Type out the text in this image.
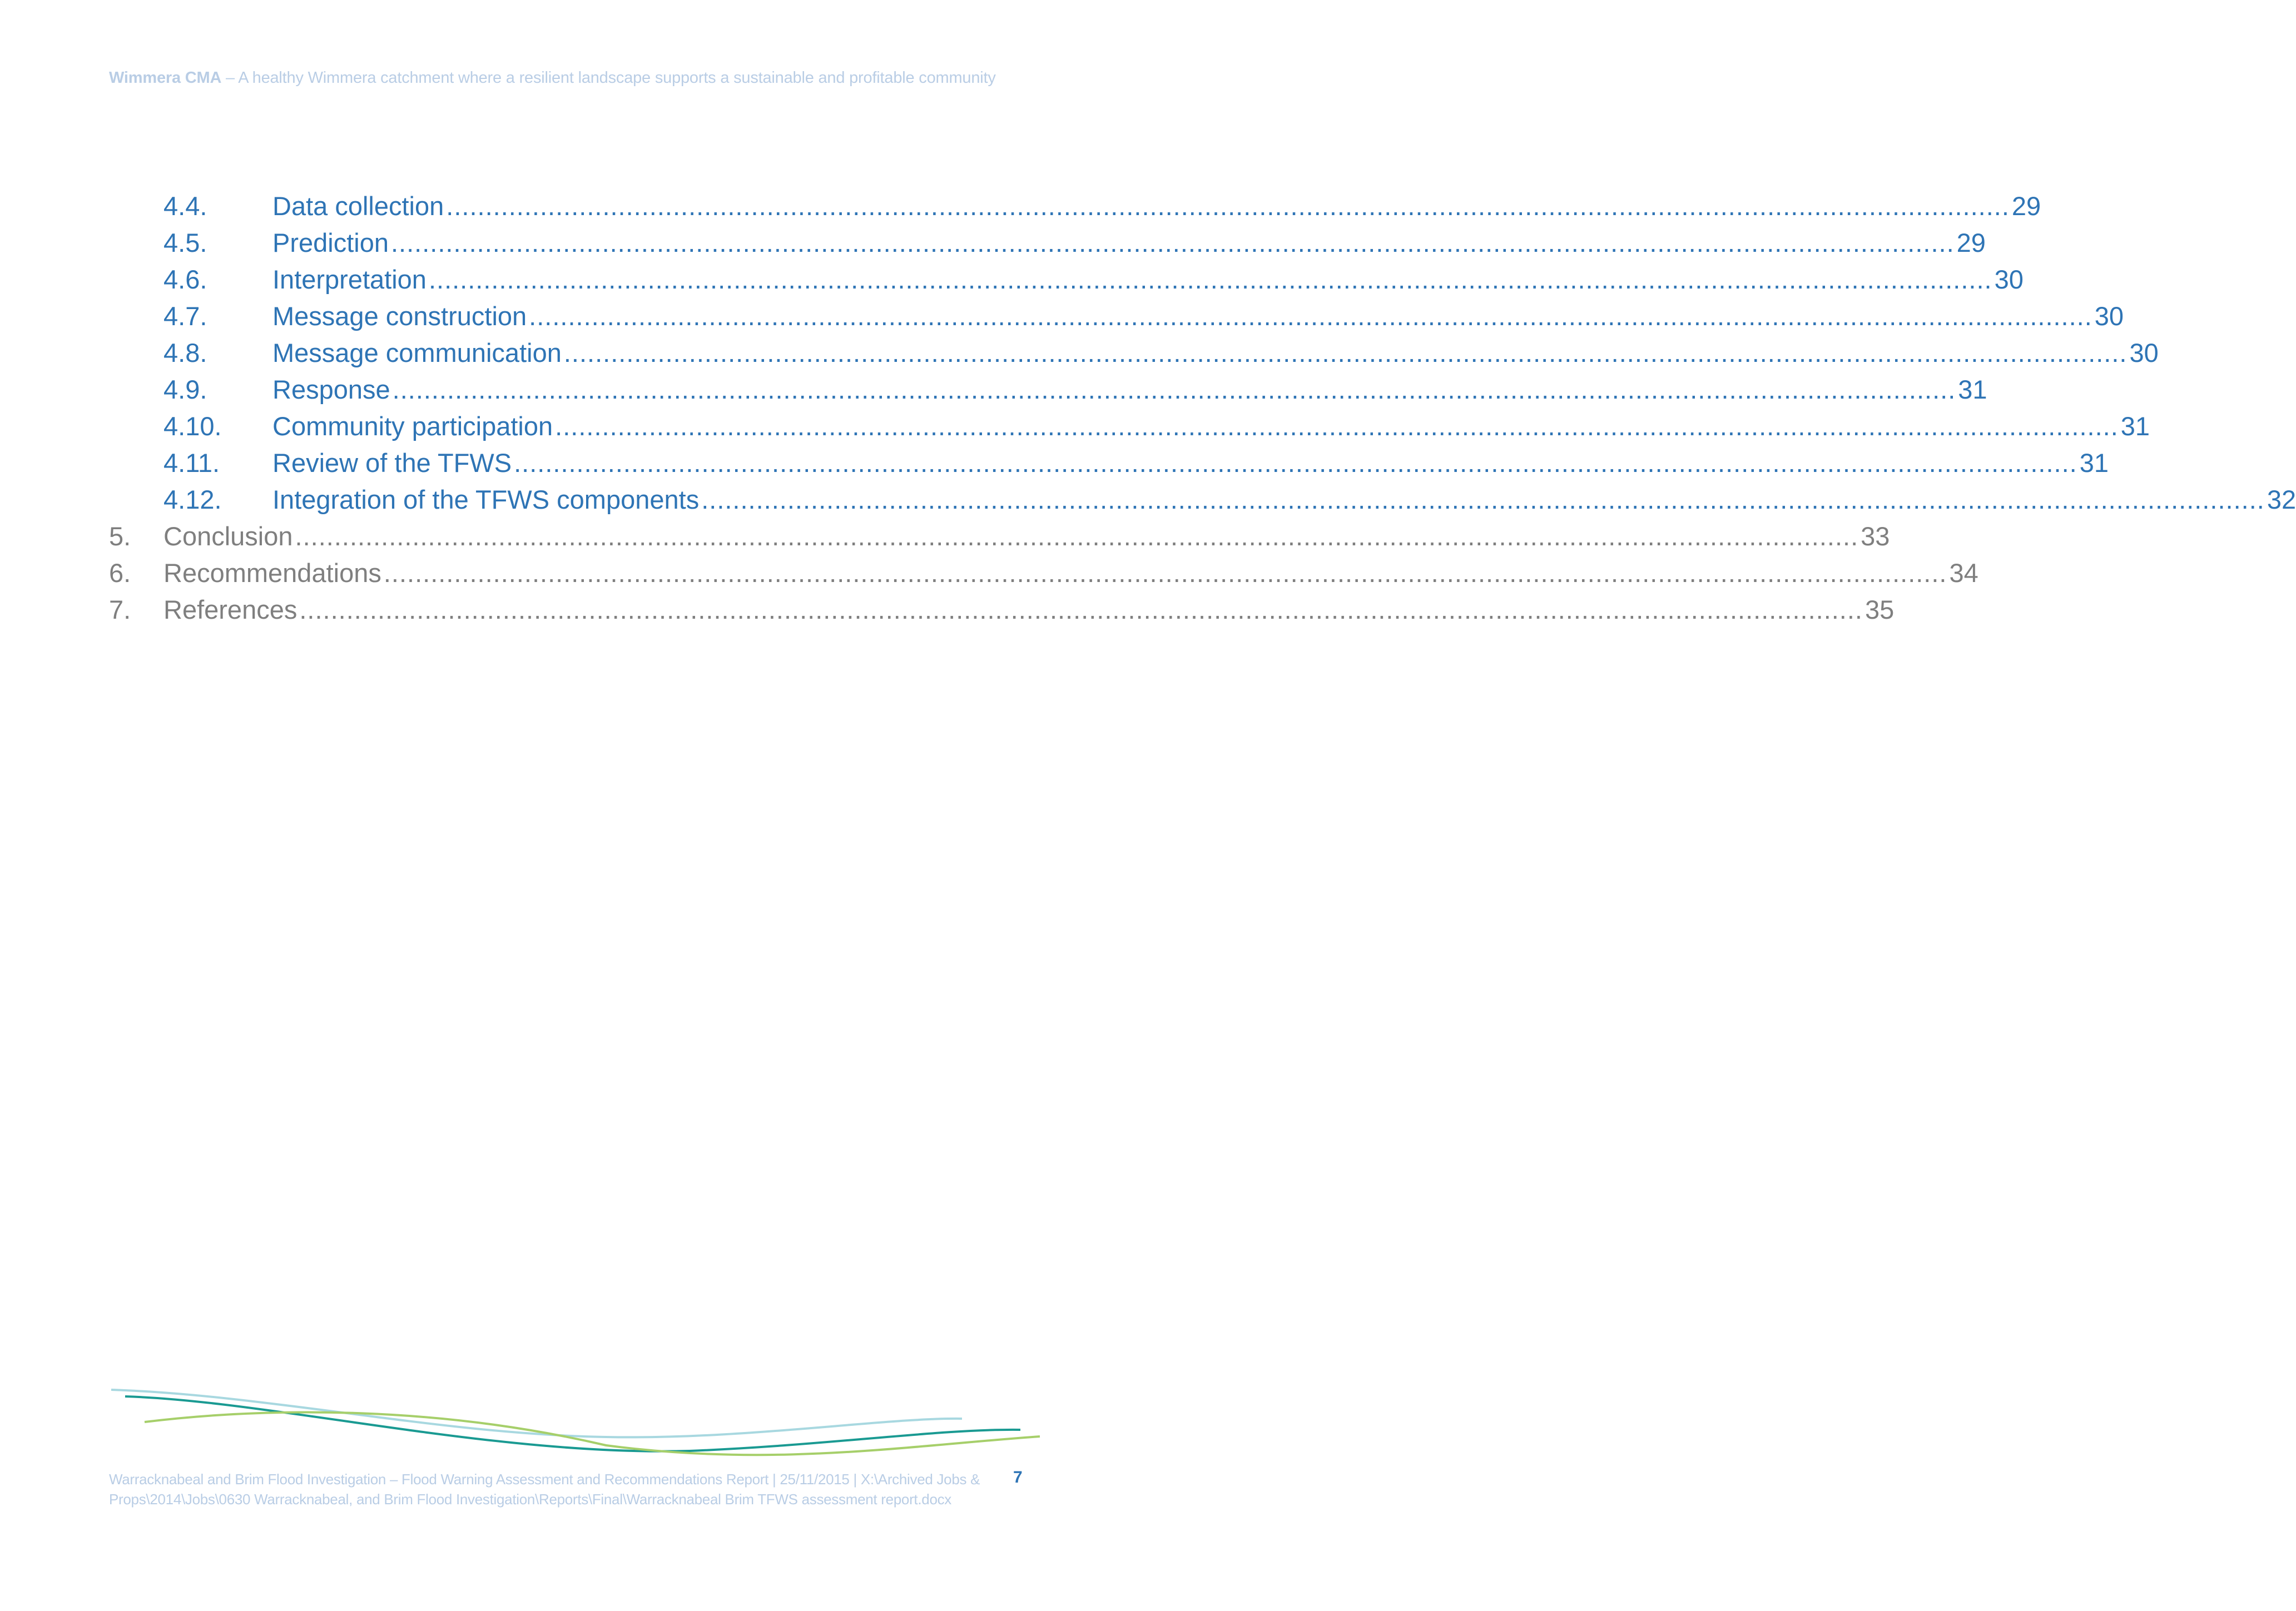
Wimmera CMA – A healthy Wimmera catchment where a resilient landscape supports a sustainable and profitable community
4.4.	Data collection ........................................................................................................................................................................................................ 29
4.5.	Prediction ........................................................................................................................................................................................................ 29
4.6.	Interpretation ........................................................................................................................................................................................................ 30
4.7.	Message construction ........................................................................................................................................................................................................ 30
4.8.	Message communication ........................................................................................................................................................................................................ 30
4.9.	Response ........................................................................................................................................................................................................ 31
4.10. Community participation ........................................................................................................................................................................................................ 31
4.11. Review of the TFWS ........................................................................................................................................................................................................ 31
4.12. Integration of the TFWS components ........................................................................................................................................................................................................ 32
5. Conclusion ........................................................................................................................................................................................................ 33
6. Recommendations ........................................................................................................................................................................................................ 34
7. References ........................................................................................................................................................................................................ 35
Warracknabeal and Brim Flood Investigation – Flood Warning Assessment and Recommendations Report | 25/11/2015 | X:\Archived Jobs & Props\2014\Jobs\0630 Warracknabeal, and Brim Flood Investigation\Reports\Final\Warracknabeal Brim TFWS assessment report.docx
7
